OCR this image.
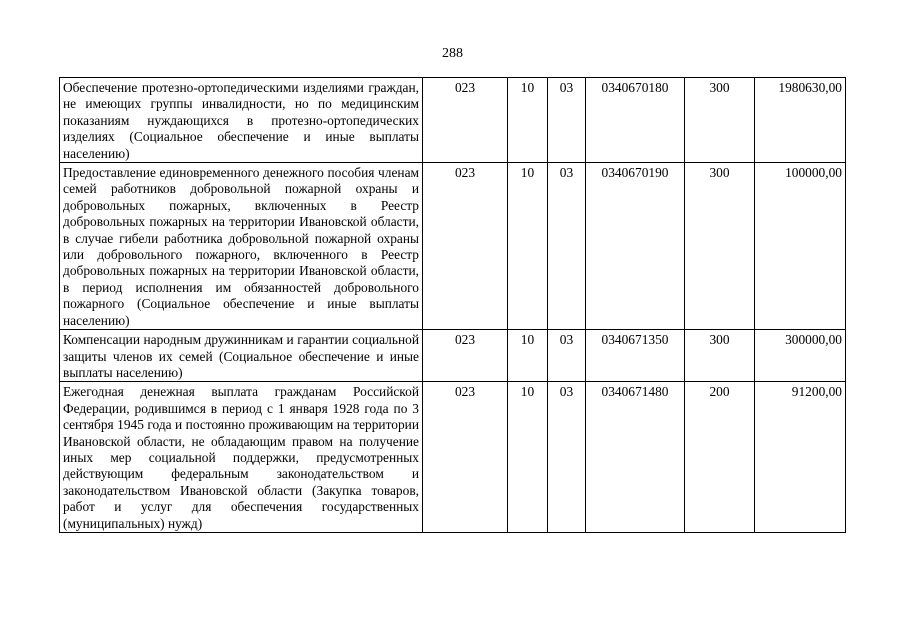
288
Обеспечение протезно-ортопедическими изделиями граждан, не имеющих группы инвалидности, но по медицинским показаниям нуждающихся в протезно-ортопедических изделиях (Социальное обеспечение и иные выплаты населению)	023	10	03	0340670180	300	1980630,00
Предоставление единовременного денежного пособия членам семей работников добровольной пожарной охраны и добровольных пожарных, включенных в Реестр добровольных пожарных на территории Ивановской области, в случае гибели работника добровольной пожарной охраны или добровольного пожарного, включенного в Реестр добровольных пожарных на территории Ивановской области, в период исполнения им обязанностей добровольного пожарного (Социальное обеспечение и иные выплаты населению)	023	10	03	0340670190	300	100000,00
Компенсации народным дружинникам и гарантии социальной защиты членов их семей (Социальное обеспечение и иные выплаты населению)	023	10	03	0340671350	300	300000,00
Ежегодная денежная выплата гражданам Российской Федерации, родившимся в период с 1 января 1928 года по 3 сентября 1945 года и постоянно проживающим на территории Ивановской области, не обладающим правом на получение иных мер социальной поддержки, предусмотренных действующим федеральным законодательством и законодательством Ивановской области (Закупка товаров, работ и услуг для обеспечения государственных (муниципальных) нужд)	023	10	03	0340671480	200	91200,00
